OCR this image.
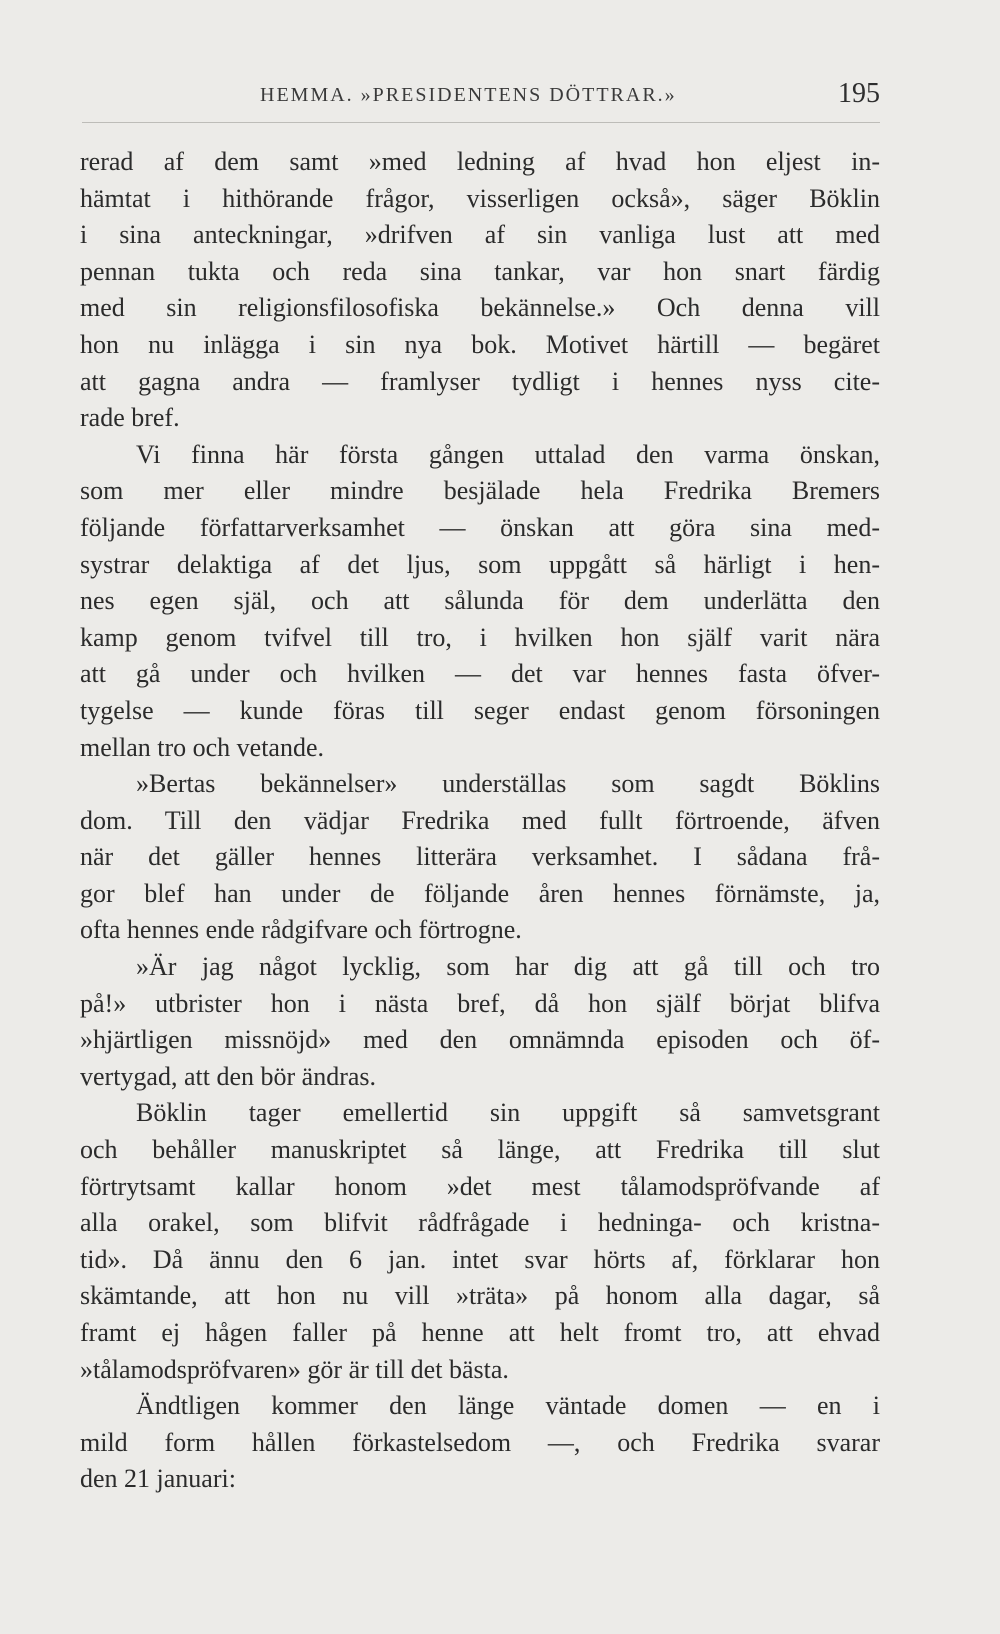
HEMMA. »PRESIDENTENS DÖTTRAR.»	195
rerad af dem samt »med ledning af hvad hon eljest in-
hämtat i hithörande frågor, visserligen också», säger Böklin
i sina anteckningar, »drifven af sin vanliga lust att med
pennan tukta och reda sina tankar, var hon snart färdig
med sin religionsfilosofiska bekännelse.» Och denna vill
hon nu inlägga i sin nya bok. Motivet härtill — begäret
att gagna andra — framlyser tydligt i hennes nyss cite-
rade bref.
Vi finna här första gången uttalad den varma önskan,
som mer eller mindre besjälade hela Fredrika Bremers
följande författarverksamhet — önskan att göra sina med-
systrar delaktiga af det ljus, som uppgått så härligt i hen-
nes egen själ, och att sålunda för dem underlätta den
kamp genom tvifvel till tro, i hvilken hon själf varit nära
att gå under och hvilken — det var hennes fasta öfver-
tygelse — kunde föras till seger endast genom försoningen
mellan tro och vetande.
»Bertas bekännelser» underställas som sagdt Böklins
dom. Till den vädjar Fredrika med fullt förtroende, äfven
när det gäller hennes litterära verksamhet. I sådana frå-
gor blef han under de följande åren hennes förnämste, ja,
ofta hennes ende rådgifvare och förtrogne.
»Är jag något lycklig, som har dig att gå till och tro
på!» utbrister hon i nästa bref, då hon själf börjat blifva
»hjärtligen missnöjd» med den omnämnda episoden och öf-
vertygad, att den bör ändras.
Böklin tager emellertid sin uppgift så samvetsgrant
och behåller manuskriptet så länge, att Fredrika till slut
förtrytsamt kallar honom »det mest tålamodspröfvande af
alla orakel, som blifvit rådfrågade i hedninga- och kristna-
tid». Då ännu den 6 jan. intet svar hörts af, förklarar hon
skämtande, att hon nu vill »träta» på honom alla dagar, så
framt ej hågen faller på henne att helt fromt tro, att ehvad
»tålamodspröfvaren» gör är till det bästa.
Ändtligen kommer den länge väntade domen — en i
mild form hållen förkastelsedom —, och Fredrika svarar
den 21 januari:
